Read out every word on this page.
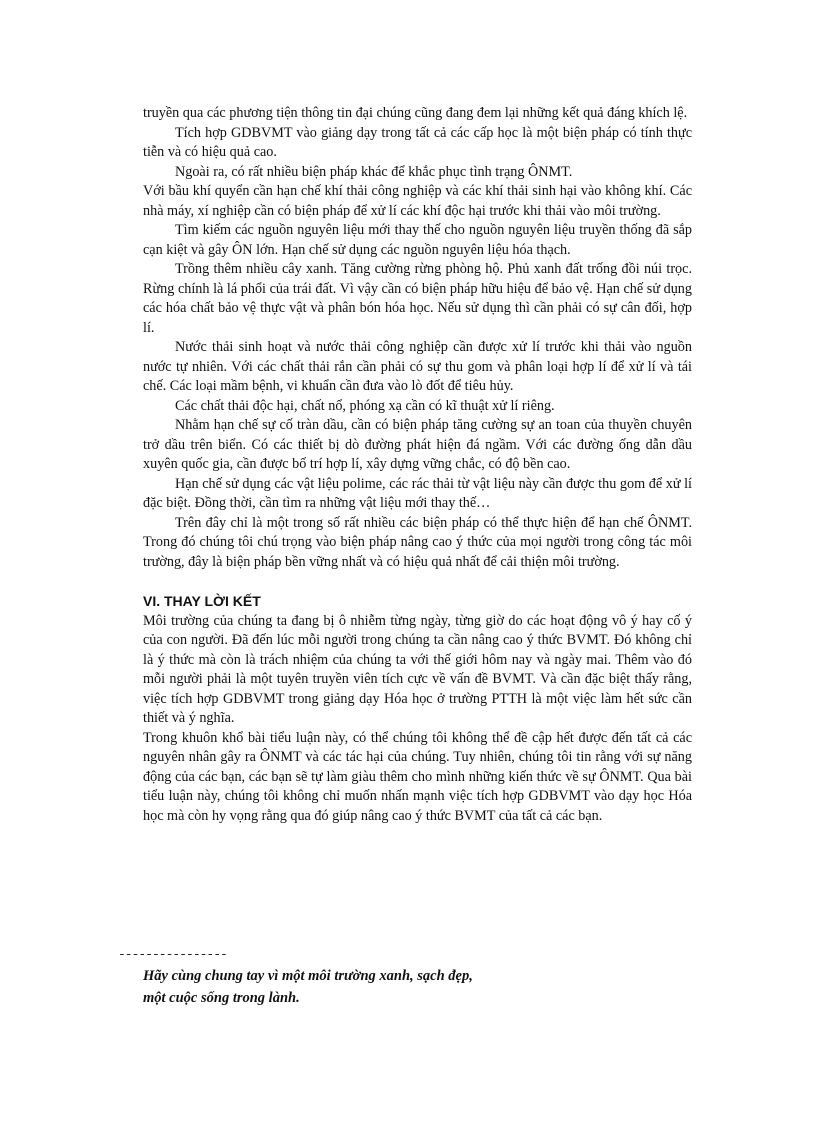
truyền qua các phương tiện thông tin đại chúng cũng đang đem lại những kết quả đáng khích lệ.

Tích hợp GDBVMT vào giảng dạy trong tất cả các cấp học là một biện pháp có tính thực tiễn và có hiệu quả cao.

Ngoài ra, có rất nhiều biện pháp khác để khắc phục tình trạng ÔNMT.

Với bầu khí quyển cần hạn chế khí thải công nghiệp và các khí thải sinh hại vào không khí. Các nhà máy, xí nghiệp cần có biện pháp để xử lí các khí độc hại trước khi thải vào môi trường.

Tìm kiếm các nguồn nguyên liệu mới thay thế cho nguồn nguyên liệu truyền thống đã sắp cạn kiệt và gây ÔN lớn. Hạn chế sử dụng các nguồn nguyên liệu hóa thạch.

Trồng thêm nhiều cây xanh. Tăng cường rừng phòng hộ. Phủ xanh đất trống đồi núi trọc. Rừng chính là lá phổi của trái đất. Vì vậy cần có biện pháp hữu hiệu để bảo vệ. Hạn chế sử dụng các hóa chất bảo vệ thực vật và phân bón hóa học. Nếu sử dụng thì cần phải có sự cân đối, hợp lí.

Nước thải sinh hoạt và nước thải công nghiệp cần được xử lí trước khi thải vào nguồn nước tự nhiên. Với các chất thải rắn cần phải có sự thu gom và phân loại hợp lí để xử lí và tái chế. Các loại mầm bệnh, vi khuẩn cần đưa vào lò đốt để tiêu hủy.

Các chất thải độc hại, chất nổ, phóng xạ cần có kĩ thuật xử lí riêng.

Nhằm hạn chế sự cố tràn dầu, cần có biện pháp tăng cường sự an toan của thuyền chuyên trở dầu trên biển. Có các thiết bị dò đường phát hiện đá ngầm. Với các đường ống dẫn dầu xuyên quốc gia, cần được bố trí hợp lí, xây dựng vững chắc, có độ bền cao.

Hạn chế sử dụng các vật liệu polime, các rác thải từ vật liệu này cần được thu gom để xử lí đặc biệt. Đồng thời, cần tìm ra những vật liệu mới thay thế…

Trên đây chỉ là một trong số rất nhiều các biện pháp có thể thực hiện để hạn chế ÔNMT. Trong đó chúng tôi chú trọng vào biện pháp nâng cao ý thức của mọi người trong công tác môi trường, đây là biện pháp bền vững nhất và có hiệu quả nhất để cải thiện môi trường.

VI. THAY LỜI KẾT

Môi trường của chúng ta đang bị ô nhiễm từng ngày, từng giờ do các hoạt động vô ý hay cố ý của con người. Đã đến lúc mỗi người trong chúng ta cần nâng cao ý thức BVMT. Đó không chỉ là ý thức mà còn là trách nhiệm của chúng ta với thế giới hôm nay và ngày mai. Thêm vào đó mỗi người phải là một tuyên truyền viên tích cực về vấn đề BVMT. Và cần đặc biệt thấy rằng, việc tích hợp GDBVMT trong giảng dạy Hóa học ở trường PTTH là một việc làm hết sức cần thiết và ý nghĩa.

Trong khuôn khổ bài tiểu luận này, có thể chúng tôi không thể đề cập hết được đến tất cả các nguyên nhân gây ra ÔNMT và các tác hại của chúng. Tuy nhiên, chúng tôi tin rằng với sự năng động của các bạn, các bạn sẽ tự làm giàu thêm cho mình những kiến thức về sự ÔNMT. Qua bài tiểu luận này, chúng tôi không chỉ muốn nhấn mạnh việc tích hợp GDBVMT vào dạy học Hóa học mà còn hy vọng rằng qua đó giúp nâng cao ý thức BVMT của tất cả các bạn.

----------------

Hãy cùng chung tay vì một môi trường xanh, sạch đẹp,

một cuộc sống trong lành.
